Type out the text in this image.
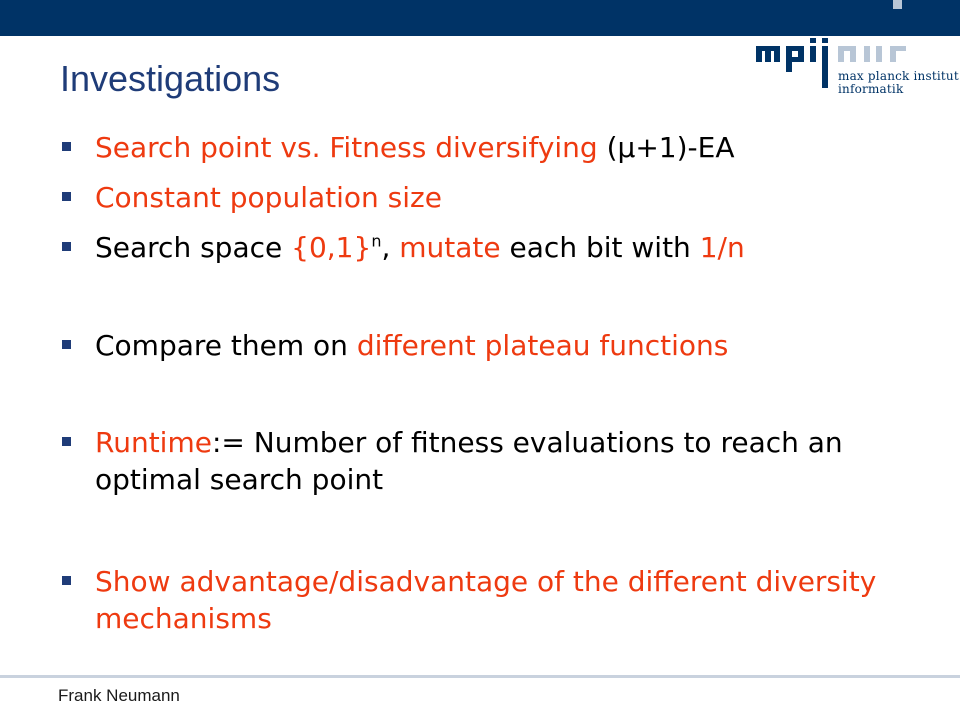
max planck institut
informatik
Investigations
Search point vs. Fitness diversifying (μ+1)-EA
Constant population size
Search space $\{0,1\}^n$, mutate each bit with 1/n
Compare them on different plateau functions
Runtime:= Number of fitness evaluations to reach an optimal search point
Show advantage/disadvantage of the different diversity mechanisms
Frank Neumann
